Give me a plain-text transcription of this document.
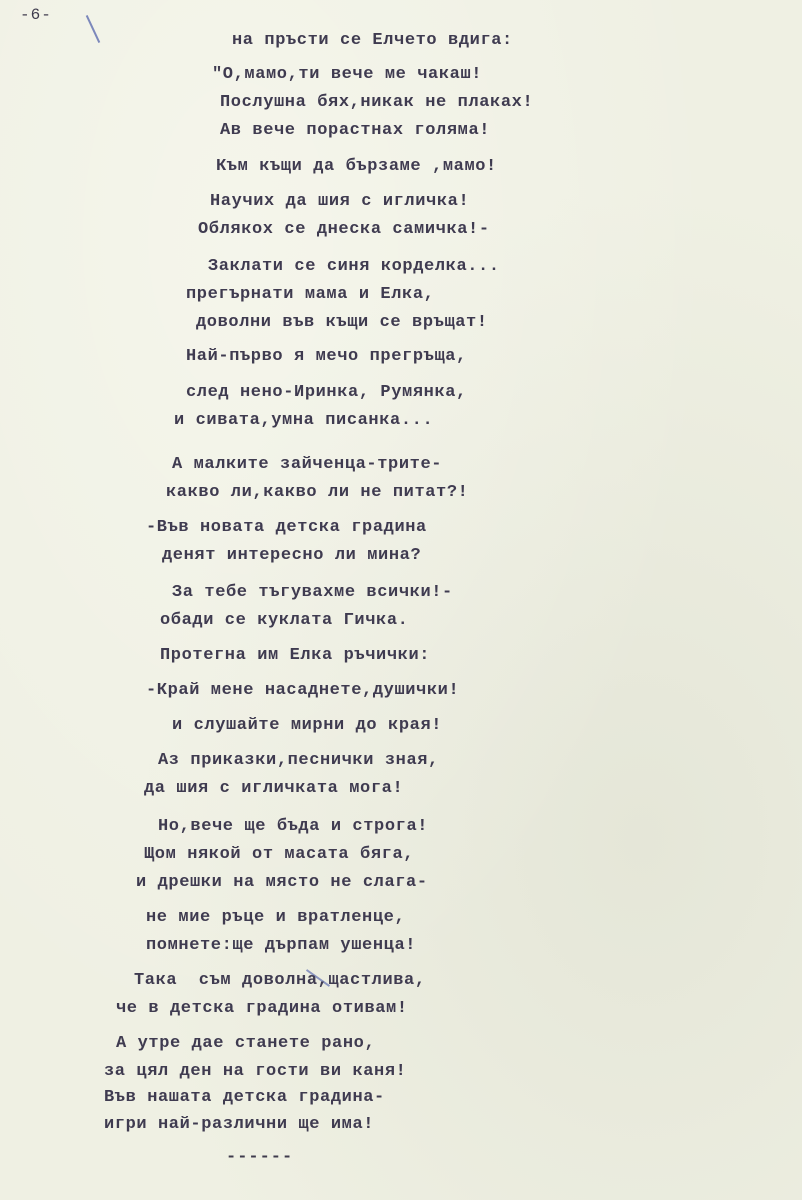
-6-
на пръсти се Елчето вдига:
"О,мамо,ти вече ме чакаш!
Послушна бях,никак не плаках!
Ав вече порастнах голяма!
Към къщи да бързаме ,мамо!
Научих да шия с игличка!
Облякох се днеска самичка!-
Заклати се синя корделка...
прегърнати мама и Елка,
доволни във къщи се връщат!
Най-първо я мечо прегръща,
след нено-Иринка, Румянка,
и сивата,умна писанка...
А малките зайченца-трите-
какво ли,какво ли не питат?!
-Във новата детска градина
денят интересно ли мина?
За тебе тъгувахме всички!-
обади се куклата Гичка.
Протегна им Елка ръчички:
-Край мене насаднете,душички!
и слушайте мирни до края!
Аз приказки,песнички зная,
да шия с игличката мога!
Но,вече ще бъда и строга!
Щом някой от масата бяга,
и дрешки на място не слага-
не мие ръце и вратленце,
помнете:ще дърпам ушенца!
Така  съм доволна,щастлива,
че в детска градина отивам!
А утре дае станете рано,
за цял ден на гости ви каня!
Във нашата детска градина-
игри най-различни ще има!
------
